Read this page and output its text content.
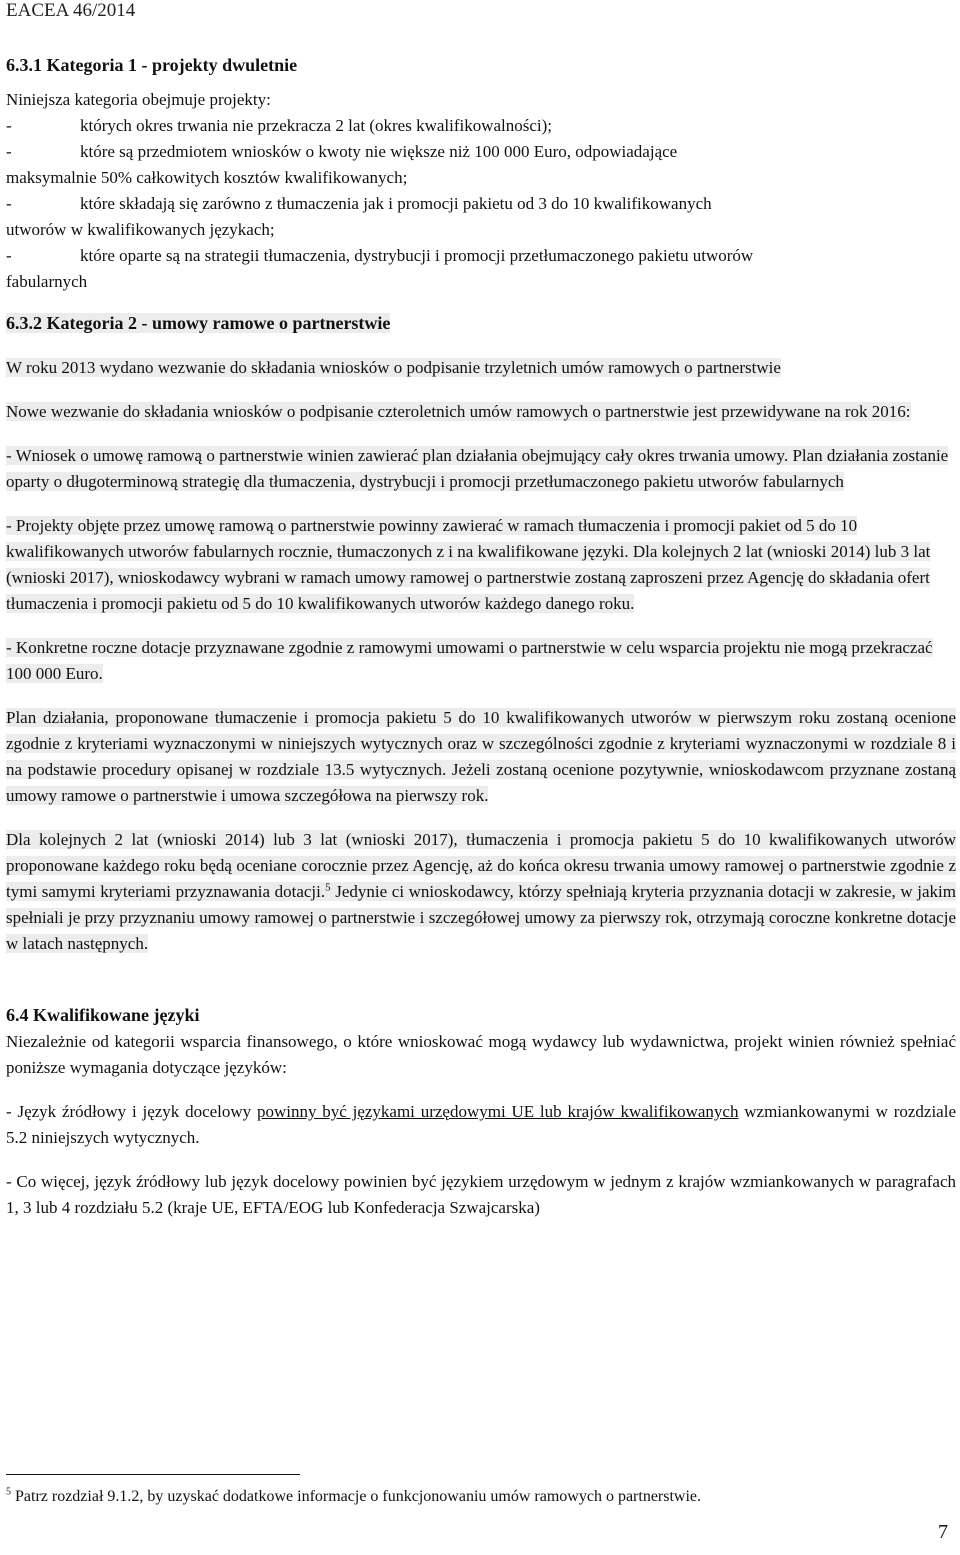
EACEA 46/2014
6.3.1 Kategoria 1 - projekty dwuletnie

Niniejsza kategoria obejmuje projekty:

-	których okres trwania nie przekracza 2 lat (okres kwalifikowalności);
-	które są przedmiotem wniosków o kwoty nie większe niż 100 000 Euro, odpowiadające

maksymalnie 50% całkowitych kosztów kwalifikowanych;

-	które składają się zarówno z tłumaczenia jak i promocji pakietu od 3 do 10 kwalifikowanych

utworów w kwalifikowanych językach;

-	które oparte są na strategii tłumaczenia, dystrybucji i promocji przetłumaczonego pakietu utworów

fabularnych

6.3.2 Kategoria 2 - umowy ramowe o partnerstwie

W roku 2013 wydano wezwanie do składania wniosków o podpisanie trzyletnich umów ramowych o partnerstwie

Nowe wezwanie do składania wniosków o podpisanie czteroletnich umów ramowych o partnerstwie jest przewidywane na rok 2016:

- Wniosek o umowę ramową o partnerstwie winien zawierać plan działania obejmujący cały okres trwania umowy. Plan działania zostanie oparty o długoterminową strategię dla tłumaczenia, dystrybucji i promocji przetłumaczonego pakietu utworów fabularnych

- Projekty objęte przez umowę ramową o partnerstwie powinny zawierać w ramach tłumaczenia i promocji pakiet od 5 do 10 kwalifikowanych utworów fabularnych rocznie, tłumaczonych z i na kwalifikowane języki. Dla kolejnych 2 lat (wnioski 2014) lub 3 lat (wnioski 2017), wnioskodawcy wybrani w ramach umowy ramowej o partnerstwie zostaną zaproszeni przez Agencję do składania ofert tłumaczenia i promocji pakietu od 5 do 10 kwalifikowanych utworów każdego danego roku.

- Konkretne roczne dotacje przyznawane zgodnie z ramowymi umowami o partnerstwie w celu wsparcia projektu nie mogą przekraczać 100 000 Euro.

Plan działania, proponowane tłumaczenie i promocja pakietu 5 do 10 kwalifikowanych utworów w pierwszym roku zostaną ocenione zgodnie z kryteriami wyznaczonymi w niniejszych wytycznych oraz w szczególności zgodnie z kryteriami wyznaczonymi w rozdziale 8 i na podstawie procedury opisanej w rozdziale 13.5 wytycznych. Jeżeli zostaną ocenione pozytywnie, wnioskodawcom przyznane zostaną umowy ramowe o partnerstwie i umowa szczegółowa na pierwszy rok.

Dla kolejnych 2 lat (wnioski 2014) lub 3 lat (wnioski 2017), tłumaczenia i promocja pakietu 5 do 10 kwalifikowanych utworów proponowane każdego roku będą oceniane corocznie przez Agencję, aż do końca okresu trwania umowy ramowej o partnerstwie zgodnie z tymi samymi kryteriami przyznawania dotacji.$^5$ Jedynie ci wnioskodawcy, którzy spełniają kryteria przyznania dotacji w zakresie, w jakim spełniali je przy przyznaniu umowy ramowej o partnerstwie i szczegółowej umowy za pierwszy rok, otrzymają coroczne konkretne dotacje w latach następnych.

6.4 Kwalifikowane języki

Niezależnie od kategorii wsparcia finansowego, o które wnioskować mogą wydawcy lub wydawnictwa, projekt winien również spełniać poniższe wymagania dotyczące języków:

- Język źródłowy i język docelowy powinny być językami urzędowymi UE lub krajów kwalifikowanych wzmiankowanymi w rozdziale 5.2 niniejszych wytycznych.

- Co więcej, język źródłowy lub język docelowy powinien być językiem urzędowym w jednym z krajów wzmiankowanych w paragrafach 1, 3 lub 4 rozdziału 5.2 (kraje UE, EFTA/EOG lub Konfederacja Szwajcarska)

$^5$ Patrz rozdział 9.1.2, by uzyskać dodatkowe informacje o funkcjonowaniu umów ramowych o partnerstwie.
7
